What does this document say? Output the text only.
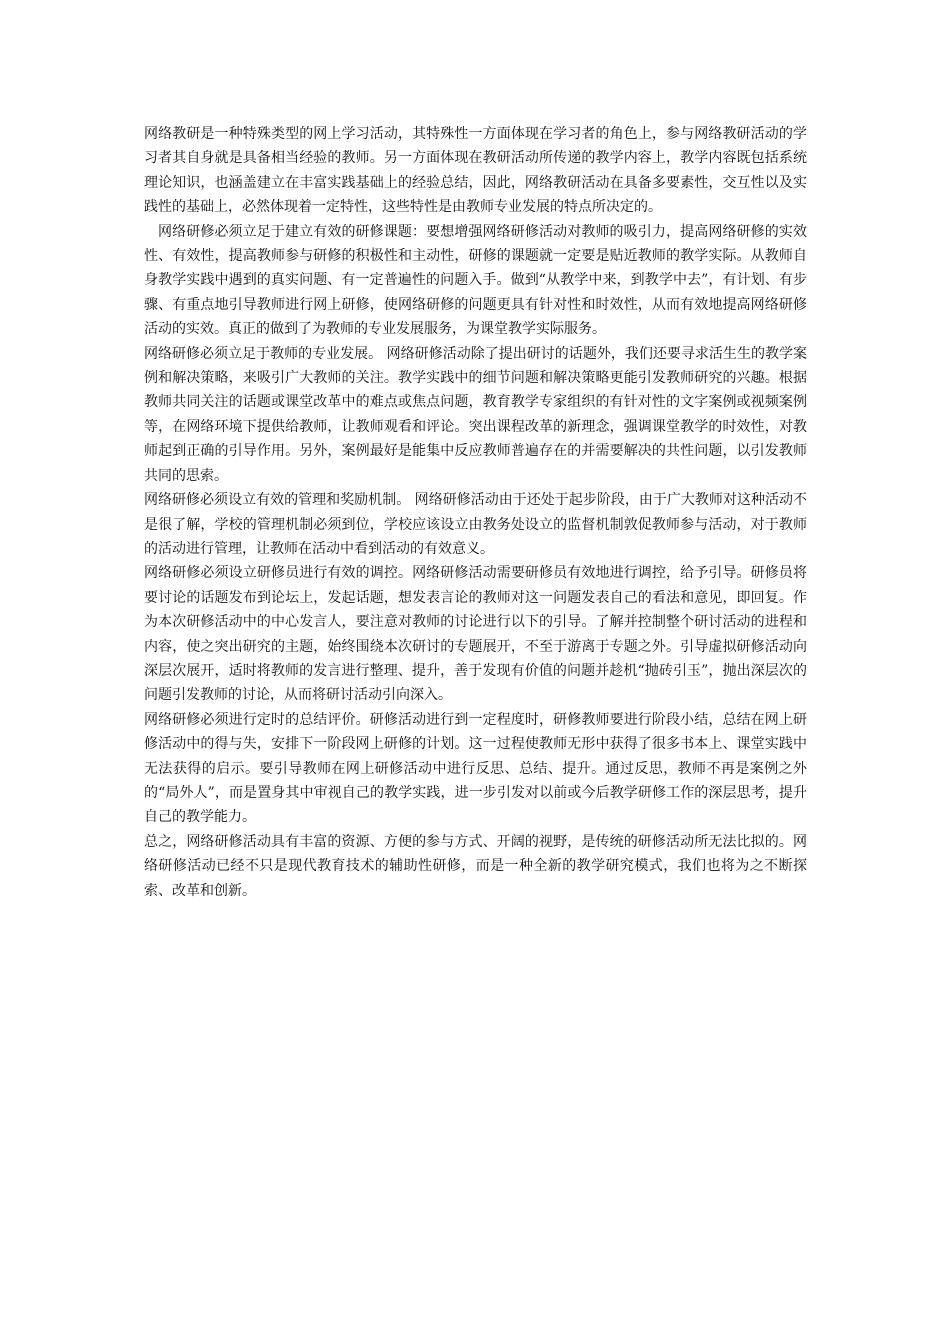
网络教研是一种特殊类型的网上学习活动，其特殊性一方面体现在学习者的角色上，参与网络教研活动的学习者其自身就是具备相当经验的教师。另一方面体现在教研活动所传递的教学内容上，教学内容既包括系统理论知识，也涵盖建立在丰富实践基础上的经验总结，因此，网络教研活动在具备多要素性，交互性以及实践性的基础上，必然体现着一定特性，这些特性是由教师专业发展的特点所决定的。

网络研修必须立足于建立有效的研修课题：要想增强网络研修活动对教师的吸引力，提高网络研修的实效性、有效性，提高教师参与研修的积极性和主动性，研修的课题就一定要是贴近教师的教学实际。从教师自身教学实践中遇到的真实问题、有一定普遍性的问题入手。做到“从教学中来，到教学中去”，有计划、有步骤、有重点地引导教师进行网上研修，使网络研修的问题更具有针对性和时效性，从而有效地提高网络研修活动的实效。真正的做到了为教师的专业发展服务，为课堂教学实际服务。

网络研修必须立足于教师的专业发展。 网络研修活动除了提出研讨的话题外，我们还要寻求活生生的教学案例和解决策略，来吸引广大教师的关注。教学实践中的细节问题和解决策略更能引发教师研究的兴趣。根据教师共同关注的话题或课堂改革中的难点或焦点问题，教育教学专家组织的有针对性的文字案例或视频案例等，在网络环境下提供给教师，让教师观看和评论。突出课程改革的新理念，强调课堂教学的时效性，对教师起到正确的引导作用。另外，案例最好是能集中反应教师普遍存在的并需要解决的共性问题，以引发教师共同的思索。

网络研修必须设立有效的管理和奖励机制。 网络研修活动由于还处于起步阶段，由于广大教师对这种活动不是很了解，学校的管理机制必须到位，学校应该设立由教务处设立的监督机制敦促教师参与活动，对于教师的活动进行管理，让教师在活动中看到活动的有效意义。

网络研修必须设立研修员进行有效的调控。网络研修活动需要研修员有效地进行调控，给予引导。研修员将要讨论的话题发布到论坛上，发起话题，想发表言论的教师对这一问题发表自己的看法和意见，即回复。作为本次研修活动中的中心发言人，要注意对教师的讨论进行以下的引导。了解并控制整个研讨活动的进程和内容，使之突出研究的主题，始终围绕本次研讨的专题展开，不至于游离于专题之外。引导虚拟研修活动向深层次展开，适时将教师的发言进行整理、提升，善于发现有价值的问题并趁机“抛砖引玉”，抛出深层次的问题引发教师的讨论，从而将研讨活动引向深入。

网络研修必须进行定时的总结评价。研修活动进行到一定程度时，研修教师要进行阶段小结，总结在网上研修活动中的得与失，安排下一阶段网上研修的计划。这一过程使教师无形中获得了很多书本上、课堂实践中无法获得的启示。要引导教师在网上研修活动中进行反思、总结、提升。通过反思，教师不再是案例之外的“局外人”，而是置身其中审视自己的教学实践，进一步引发对以前或今后教学研修工作的深层思考，提升自己的教学能力。

总之，网络研修活动具有丰富的资源、方便的参与方式、开阔的视野，是传统的研修活动所无法比拟的。网络研修活动已经不只是现代教育技术的辅助性研修，而是一种全新的教学研究模式，我们也将为之不断探索、改革和创新。
